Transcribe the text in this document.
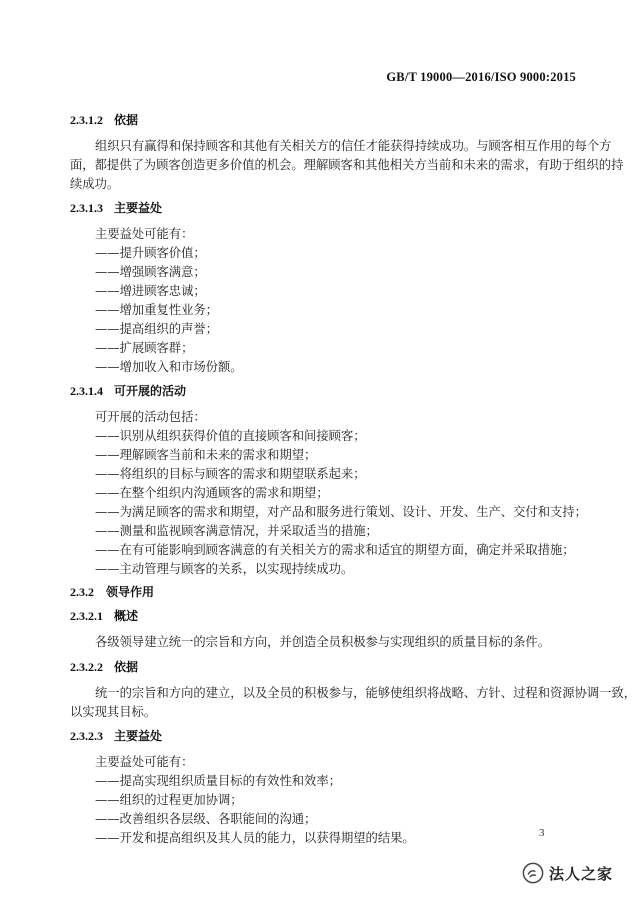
GB/T 19000—2016/ISO 9000:2015
2.3.1.2 依据
组织只有赢得和保持顾客和其他有关相关方的信任才能获得持续成功。与顾客相互作用的每个方
面，都提供了为顾客创造更多价值的机会。理解顾客和其他相关方当前和未来的需求，有助于组织的持
续成功。
2.3.1.3 主要益处
主要益处可能有：
——提升顾客价值；
——增强顾客满意；
——增进顾客忠诚；
——增加重复性业务；
——提高组织的声誉；
——扩展顾客群；
——增加收入和市场份额。
2.3.1.4 可开展的活动
可开展的活动包括：
——识别从组织获得价值的直接顾客和间接顾客；
——理解顾客当前和未来的需求和期望；
——将组织的目标与顾客的需求和期望联系起来；
——在整个组织内沟通顾客的需求和期望；
——为满足顾客的需求和期望，对产品和服务进行策划、设计、开发、生产、交付和支持；
——测量和监视顾客满意情况，并采取适当的措施；
——在有可能影响到顾客满意的有关相关方的需求和适宜的期望方面，确定并采取措施；
——主动管理与顾客的关系，以实现持续成功。
2.3.2 领导作用
2.3.2.1 概述
各级领导建立统一的宗旨和方向，并创造全员积极参与实现组织的质量目标的条件。
2.3.2.2 依据
统一的宗旨和方向的建立，以及全员的积极参与，能够使组织将战略、方针、过程和资源协调一致，
以实现其目标。
2.3.2.3 主要益处
主要益处可能有：
——提高实现组织质量目标的有效性和效率；
——组织的过程更加协调；
——改善组织各层级、各职能间的沟通；
——开发和提高组织及其人员的能力，以获得期望的结果。	3
法人之家
